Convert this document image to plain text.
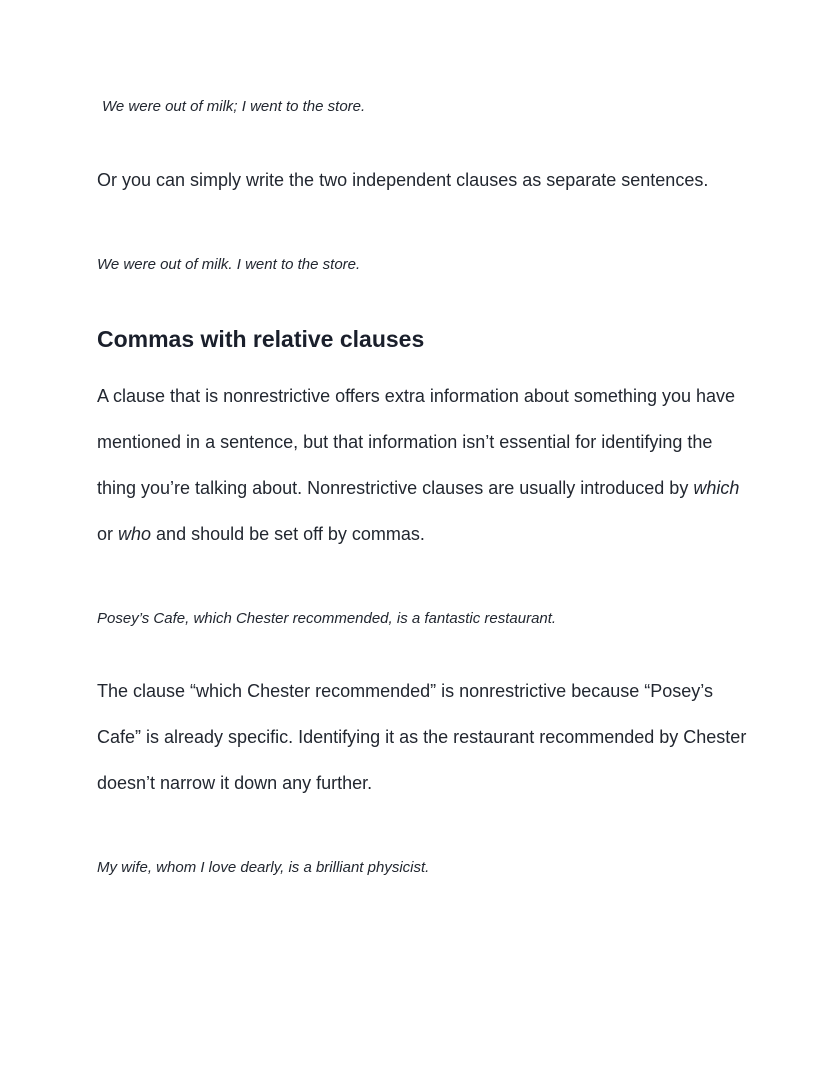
We were out of milk; I went to the store.

Or you can simply write the two independent clauses as separate sentences.

We were out of milk. I went to the store.

Commas with relative clauses

A clause that is nonrestrictive offers extra information about something you have mentioned in a sentence, but that information isn’t essential for identifying the thing you’re talking about. Nonrestrictive clauses are usually introduced by which or who and should be set off by commas.

Posey’s Cafe, which Chester recommended, is a fantastic restaurant.

The clause “which Chester recommended” is nonrestrictive because “Posey’s Cafe” is already specific. Identifying it as the restaurant recommended by Chester doesn’t narrow it down any further.

My wife, whom I love dearly, is a brilliant physicist.
